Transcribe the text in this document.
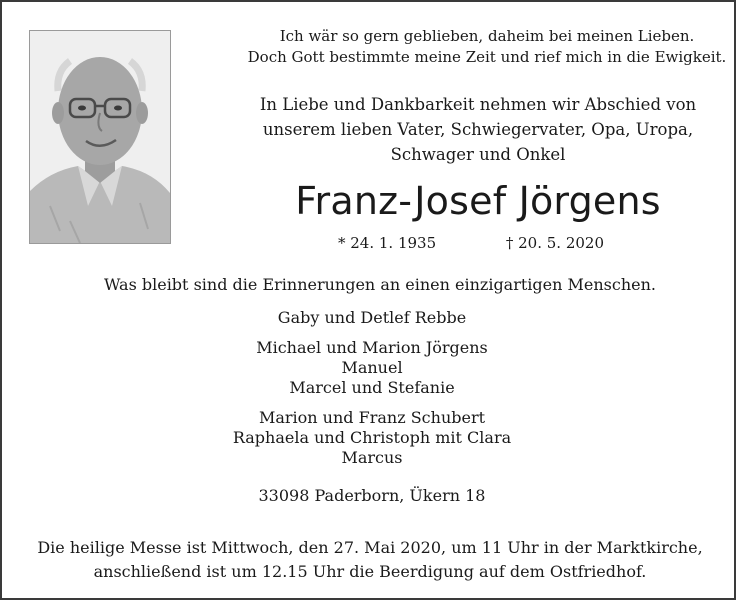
Ich wär so gern geblieben, daheim bei meinen Lieben.
Doch Gott bestimmte meine Zeit und rief mich in die Ewigkeit.
In Liebe und Dankbarkeit nehmen wir Abschied von
unserem lieben Vater, Schwiegervater, Opa, Uropa,
Schwager und Onkel
Franz-Josef Jörgens
* 24. 1. 1935	† 20. 5. 2020
Was bleibt sind die Erinnerungen an einen einzigartigen Menschen.
Gaby und Detlef Rebbe
Michael und Marion Jörgens
Manuel
Marcel und Stefanie
Marion und Franz Schubert
Raphaela und Christoph mit Clara
Marcus
33098 Paderborn, Ükern 18
Die heilige Messe ist Mittwoch, den 27. Mai 2020, um 11 Uhr in der Marktkirche,
anschließend ist um 12.15 Uhr die Beerdigung auf dem Ostfriedhof.
